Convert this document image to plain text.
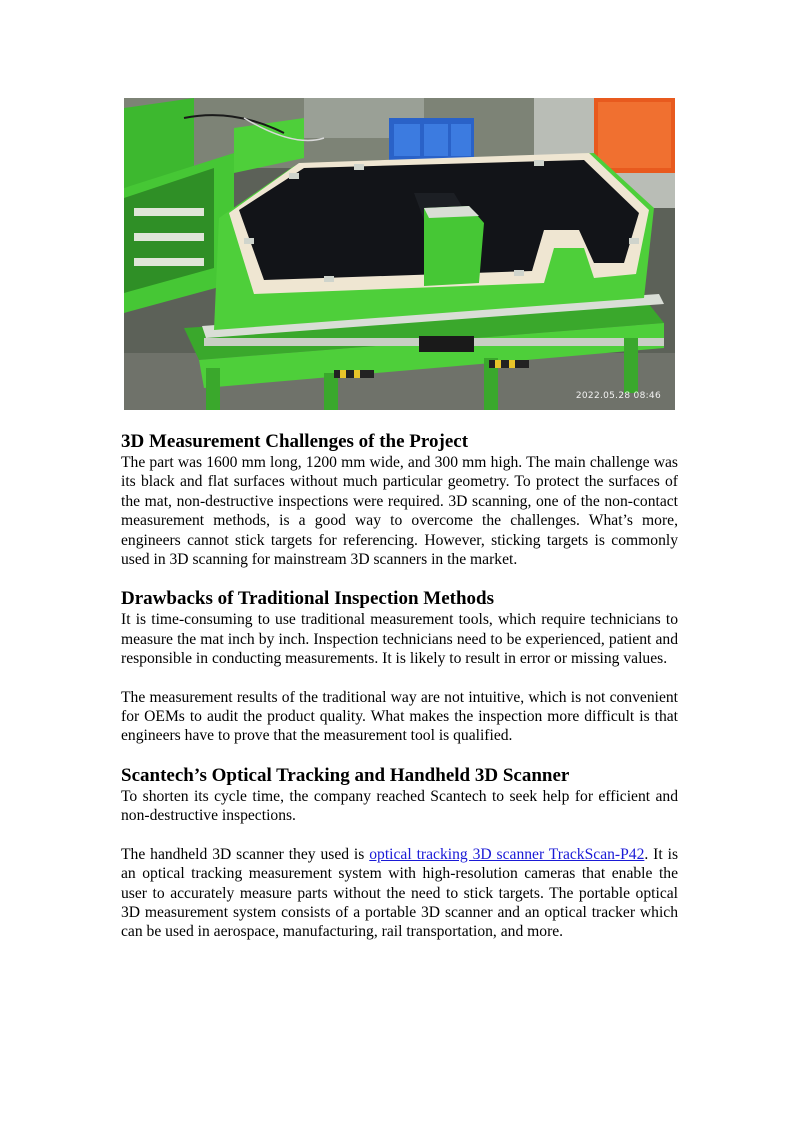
2022.05.28 08:46
3D Measurement Challenges of the Project

The part was 1600 mm long, 1200 mm wide, and 300 mm high. The main challenge was its black and flat surfaces without much particular geometry. To protect the surfaces of the mat, non-destructive inspections were required. 3D scanning, one of the non-contact measurement methods, is a good way to overcome the challenges. What’s more, engineers cannot stick targets for referencing. However, sticking targets is commonly used in 3D scanning for mainstream 3D scanners in the market.

Drawbacks of Traditional Inspection Methods

It is time-consuming to use traditional measurement tools, which require technicians to measure the mat inch by inch. Inspection technicians need to be experienced, patient and responsible in conducting measurements. It is likely to result in error or missing values.

The measurement results of the traditional way are not intuitive, which is not convenient for OEMs to audit the product quality. What makes the inspection more difficult is that engineers have to prove that the measurement tool is qualified.

Scantech’s Optical Tracking and Handheld 3D Scanner

To shorten its cycle time, the company reached Scantech to seek help for efficient and non-destructive inspections.

The handheld 3D scanner they used is optical tracking 3D scanner TrackScan-P42. It is an optical tracking measurement system with high-resolution cameras that enable the user to accurately measure parts without the need to stick targets. The portable optical 3D measurement system consists of a portable 3D scanner and an optical tracker which can be used in aerospace, manufacturing, rail transportation, and more.
